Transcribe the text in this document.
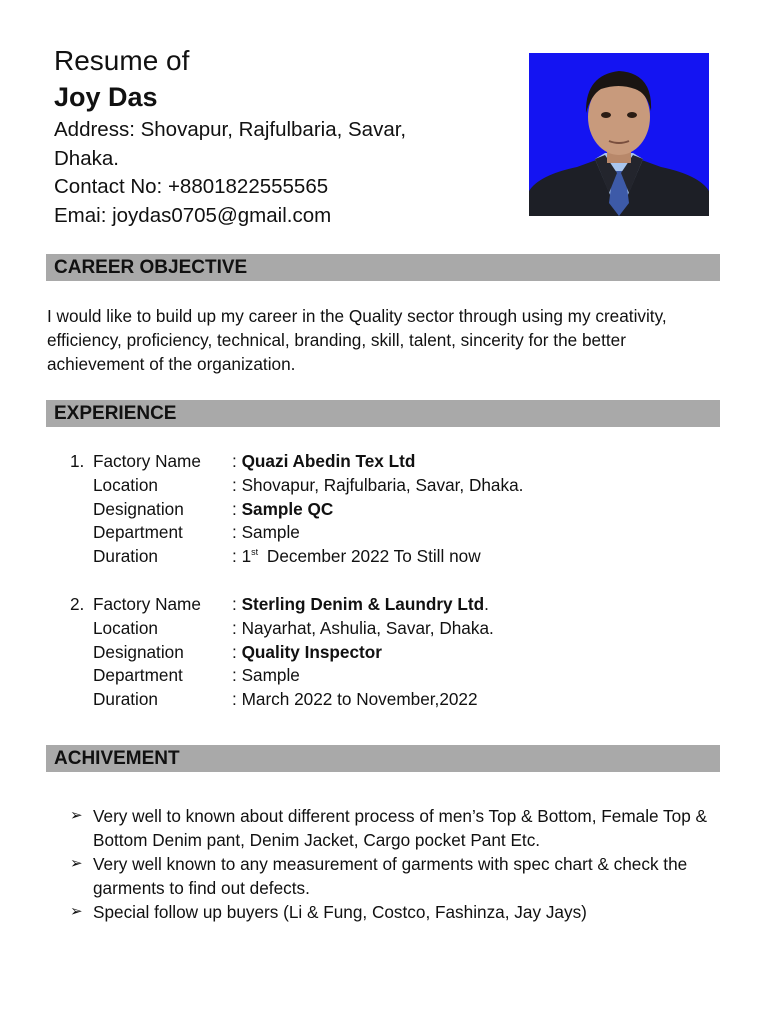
Resume of
Joy Das
Address: Shovapur, Rajfulbaria, Savar,
Dhaka.
Contact No: +8801822555565
Emai: joydas0705@gmail.com
CAREER OBJECTIVE
I would like to build up my career in the Quality sector through using my creativity, efficiency, proficiency, technical, branding, skill, talent, sincerity for the better achievement of the organization.
EXPERIENCE
1. Factory Name : Quazi Abedin Tex Ltd
Location	: Shovapur, Rajfulbaria, Savar, Dhaka.
Designation	: Sample QC
Department	: Sample
Duration	: 1st December 2022 To Still now
2. Factory Name : Sterling Denim & Laundry Ltd.
Location	: Nayarhat, Ashulia, Savar, Dhaka.
Designation	: Quality Inspector
Department	: Sample
Duration	: March 2022 to November,2022
ACHIVEMENT
➢ Very well to known about different process of men’s Top & Bottom, Female Top & Bottom Denim pant, Denim Jacket, Cargo pocket Pant Etc.
➢ Very well known to any measurement of garments with spec chart & check the garments to find out defects.
➢ Special follow up buyers (Li & Fung, Costco, Fashinza, Jay Jays)
